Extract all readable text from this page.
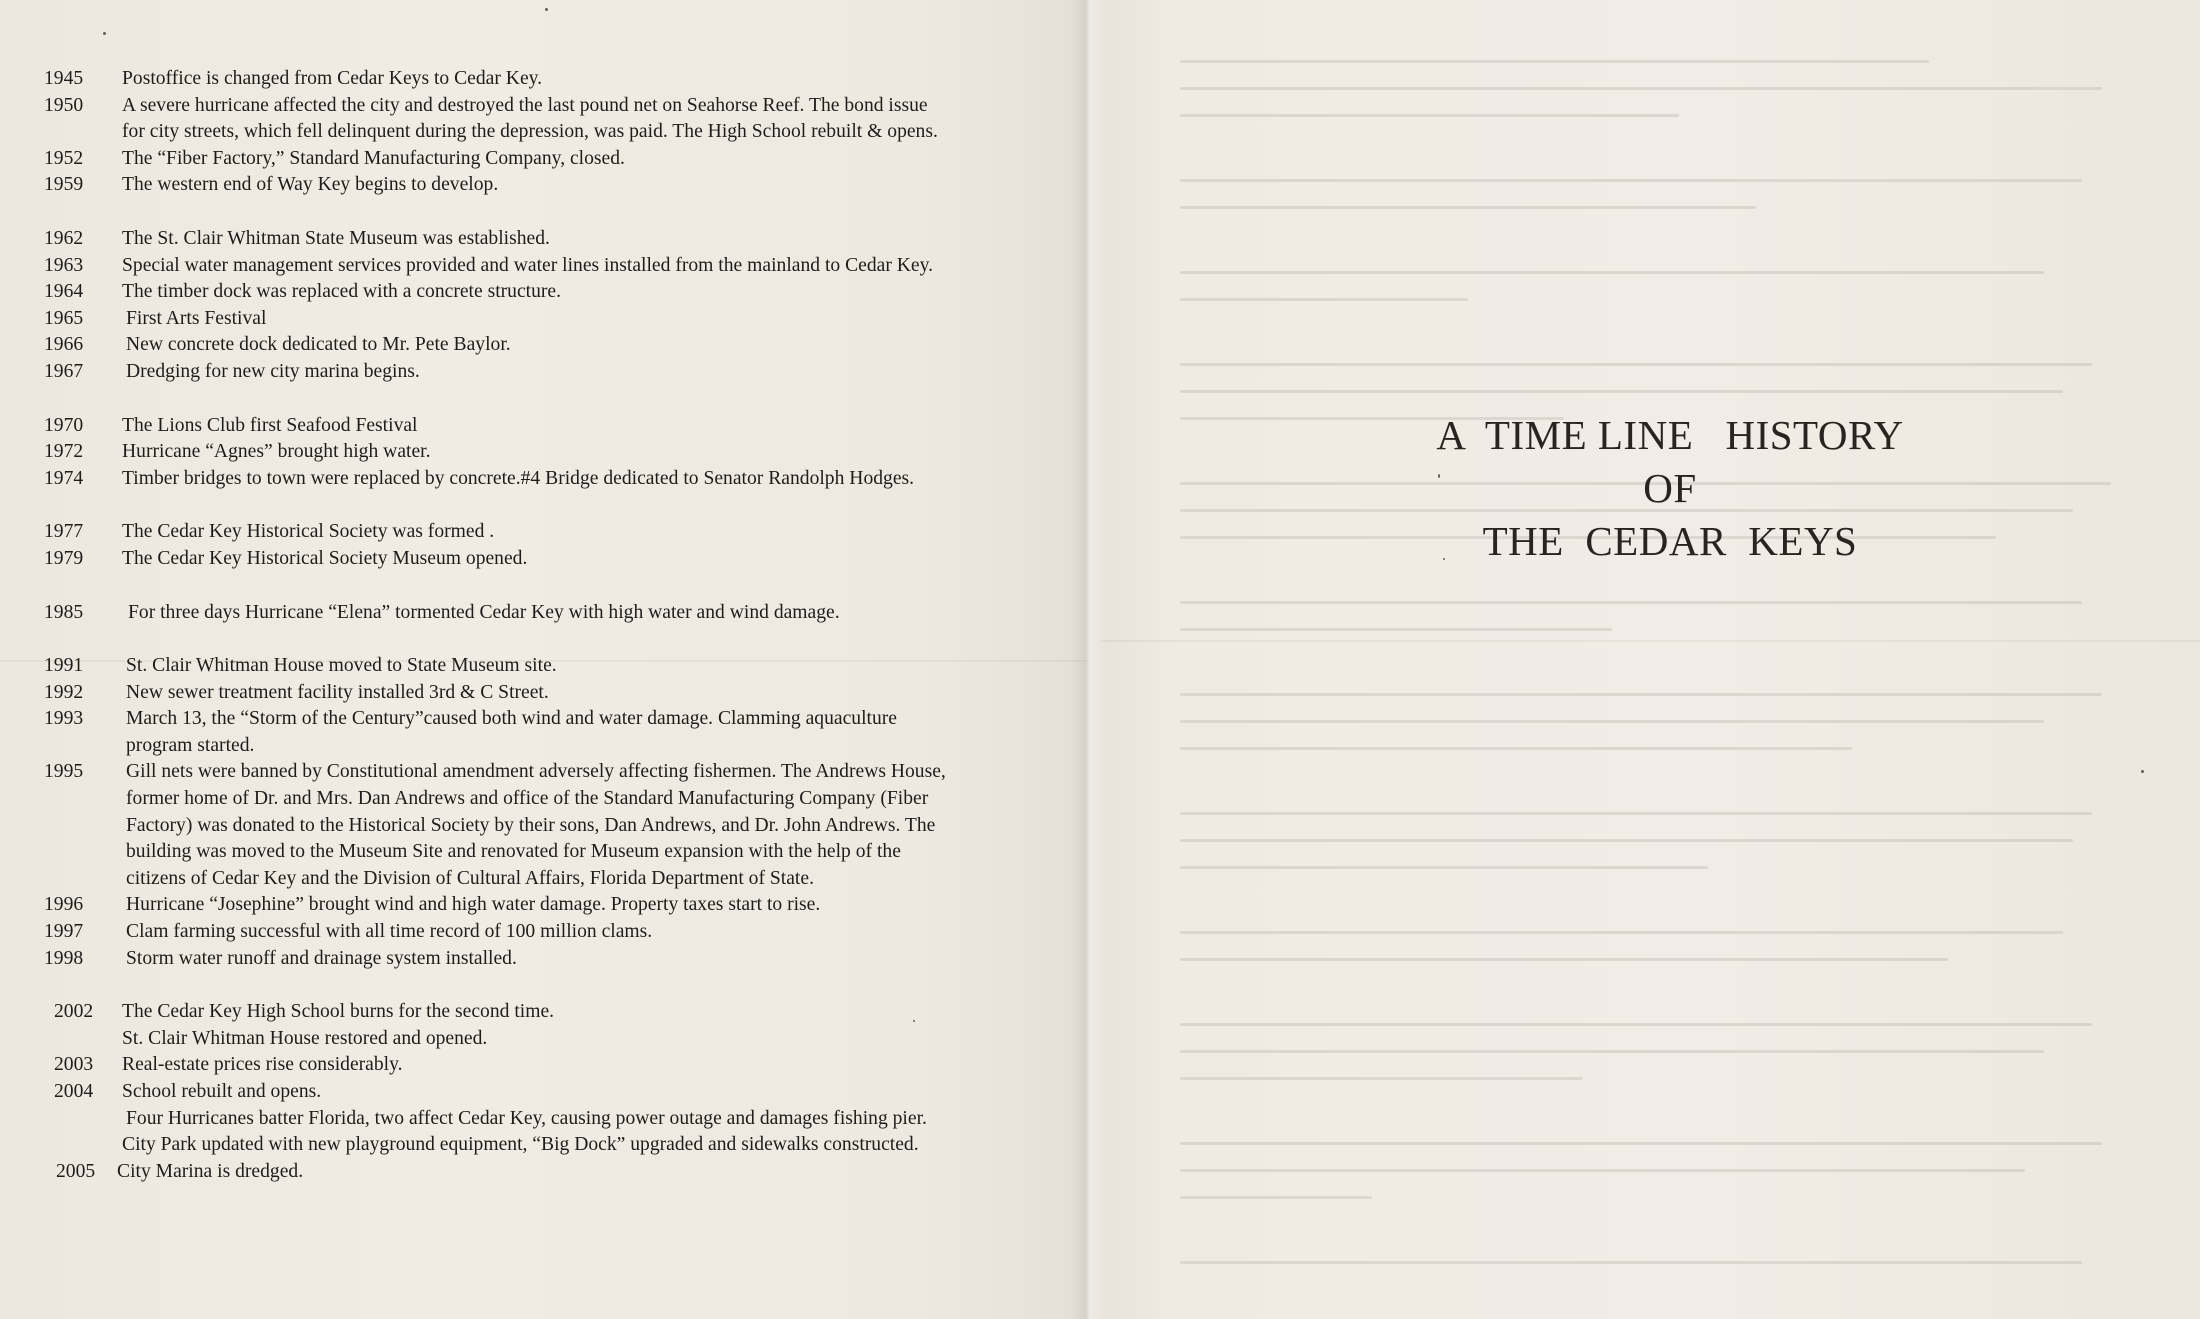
1945	Postoffice is changed from Cedar Keys to Cedar Key.
1950	A severe hurricane affected the city and destroyed the last pound net on Seahorse Reef. The bond issue
for city streets, which fell delinquent during the depression, was paid. The High School rebuilt & opens.
1952	The “Fiber Factory,” Standard Manufacturing Company, closed.
1959	The western end of Way Key begins to develop.
1962	The St. Clair Whitman State Museum was established.
1963	Special water management services provided and water lines installed from the mainland to Cedar Key.
1964	The timber dock was replaced with a concrete structure.
1965	First Arts Festival
1966	New concrete dock dedicated to Mr. Pete Baylor.
1967	Dredging for new city marina begins.
1970	The Lions Club first Seafood Festival
1972	Hurricane “Agnes” brought high water.
1974	Timber bridges to town were replaced by concrete.#4 Bridge dedicated to Senator Randolph Hodges.
1977	The Cedar Key Historical Society was formed .
1979	The Cedar Key Historical Society Museum opened.
1985	For three days Hurricane “Elena” tormented Cedar Key with high water and wind damage.
1991	St. Clair Whitman House moved to State Museum site.
1992	New sewer treatment facility installed 3rd & C Street.
1993	March 13, the “Storm of the Century”caused both wind and water damage. Clamming aquaculture
program started.
1995	Gill nets were banned by Constitutional amendment adversely affecting fishermen. The Andrews House,
former home of Dr. and Mrs. Dan Andrews and office of the Standard Manufacturing Company (Fiber
Factory) was donated to the Historical Society by their sons, Dan Andrews, and Dr. John Andrews. The
building was moved to the Museum Site and renovated for Museum expansion with the help of the
citizens of Cedar Key and the Division of Cultural Affairs, Florida Department of State.
1996	Hurricane “Josephine” brought wind and high water damage. Property taxes start to rise.
1997	Clam farming successful with all time record of 100 million clams.
1998	Storm water runoff and drainage system installed.
2002	The Cedar Key High School burns for the second time.
St. Clair Whitman House restored and opened.
2003	Real-estate prices rise considerably.
2004	School rebuilt and opens.
Four Hurricanes batter Florida, two affect Cedar Key, causing power outage and damages fishing pier.
City Park updated with new playground equipment, “Big Dock” upgraded and sidewalks constructed.
2005	City Marina is dredged.
A  TIME LINE   HISTORY
OF
THE  CEDAR  KEYS
